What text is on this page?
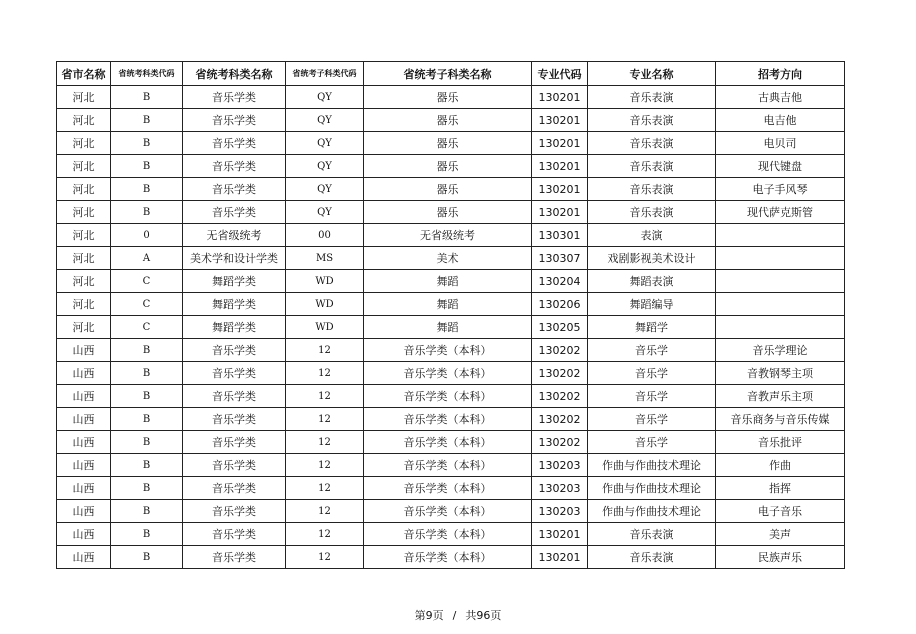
省市名称	省统考科类代码	省统考科类名称	省统考子科类代码	省统考子科类名称	专业代码	专业名称	招考方向
河北	B	音乐学类	QY	器乐	130201	音乐表演	古典吉他
河北	B	音乐学类	QY	器乐	130201	音乐表演	电吉他
河北	B	音乐学类	QY	器乐	130201	音乐表演	电贝司
河北	B	音乐学类	QY	器乐	130201	音乐表演	现代键盘
河北	B	音乐学类	QY	器乐	130201	音乐表演	电子手风琴
河北	B	音乐学类	QY	器乐	130201	音乐表演	现代萨克斯管
河北	0	无省级统考	00	无省级统考	130301	表演	
河北	A	美术学和设计学类	MS	美术	130307	戏剧影视美术设计	
河北	C	舞蹈学类	WD	舞蹈	130204	舞蹈表演	
河北	C	舞蹈学类	WD	舞蹈	130206	舞蹈编导	
河北	C	舞蹈学类	WD	舞蹈	130205	舞蹈学	
山西	B	音乐学类	12	音乐学类（本科）	130202	音乐学	音乐学理论
山西	B	音乐学类	12	音乐学类（本科）	130202	音乐学	音教钢琴主项
山西	B	音乐学类	12	音乐学类（本科）	130202	音乐学	音教声乐主项
山西	B	音乐学类	12	音乐学类（本科）	130202	音乐学	音乐商务与音乐传媒
山西	B	音乐学类	12	音乐学类（本科）	130202	音乐学	音乐批评
山西	B	音乐学类	12	音乐学类（本科）	130203	作曲与作曲技术理论	作曲
山西	B	音乐学类	12	音乐学类（本科）	130203	作曲与作曲技术理论	指挥
山西	B	音乐学类	12	音乐学类（本科）	130203	作曲与作曲技术理论	电子音乐
山西	B	音乐学类	12	音乐学类（本科）	130201	音乐表演	美声
山西	B	音乐学类	12	音乐学类（本科）	130201	音乐表演	民族声乐
第9页 / 共96页
